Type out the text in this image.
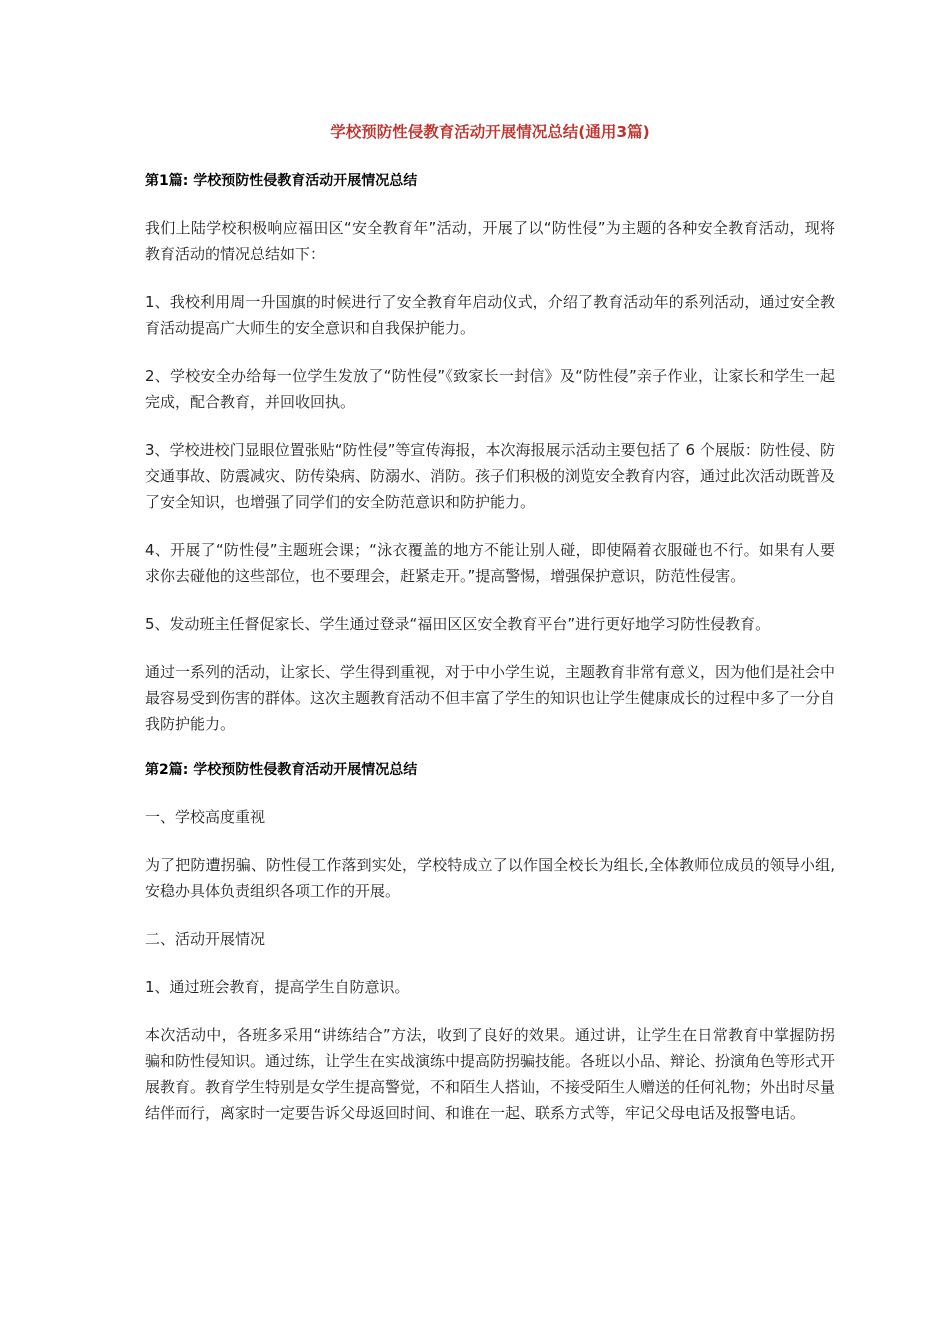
学校预防性侵教育活动开展情况总结(通用3篇)
第1篇: 学校预防性侵教育活动开展情况总结

我们上陆学校积极响应福田区“安全教育年”活动，开展了以“防性侵”为主题的各种安全教育活动，现将教育活动的情况总结如下：

1、我校利用周一升国旗的时候进行了安全教育年启动仪式，介绍了教育活动年的系列活动，通过安全教育活动提高广大师生的安全意识和自我保护能力。

2、学校安全办给每一位学生发放了“防性侵”《致家长一封信》及“防性侵”亲子作业，让家长和学生一起完成，配合教育，并回收回执。

3、学校进校门显眼位置张贴“防性侵”等宣传海报，本次海报展示活动主要包括了 6 个展版：防性侵、防交通事故、防震减灾、防传染病、防溺水、消防。孩子们积极的浏览安全教育内容，通过此次活动既普及了安全知识，也增强了同学们的安全防范意识和防护能力。

4、开展了“防性侵”主题班会课；“泳衣覆盖的地方不能让别人碰，即使隔着衣服碰也不行。如果有人要求你去碰他的这些部位，也不要理会，赶紧走开。”提高警惕，增强保护意识，防范性侵害。

5、发动班主任督促家长、学生通过登录“福田区区安全教育平台”进行更好地学习防性侵教育。

通过一系列的活动，让家长、学生得到重视，对于中小学生说，主题教育非常有意义，因为他们是社会中最容易受到伤害的群体。这次主题教育活动不但丰富了学生的知识也让学生健康成长的过程中多了一分自我防护能力。

第2篇: 学校预防性侵教育活动开展情况总结

一、学校高度重视

为了把防遭拐骗、防性侵工作落到实处，学校特成立了以作国全校长为组长,全体教师位成员的领导小组,安稳办具体负责组织各项工作的开展。

二、活动开展情况

1、通过班会教育，提高学生自防意识。

本次活动中，各班多采用“讲练结合”方法，收到了良好的效果。通过讲，让学生在日常教育中掌握防拐骗和防性侵知识。通过练，让学生在实战演练中提高防拐骗技能。各班以小品、辩论、扮演角色等形式开展教育。教育学生特别是女学生提高警觉，不和陌生人搭讪，不接受陌生人赠送的任何礼物；外出时尽量结伴而行，离家时一定要告诉父母返回时间、和谁在一起、联系方式等，牢记父母电话及报警电话。
